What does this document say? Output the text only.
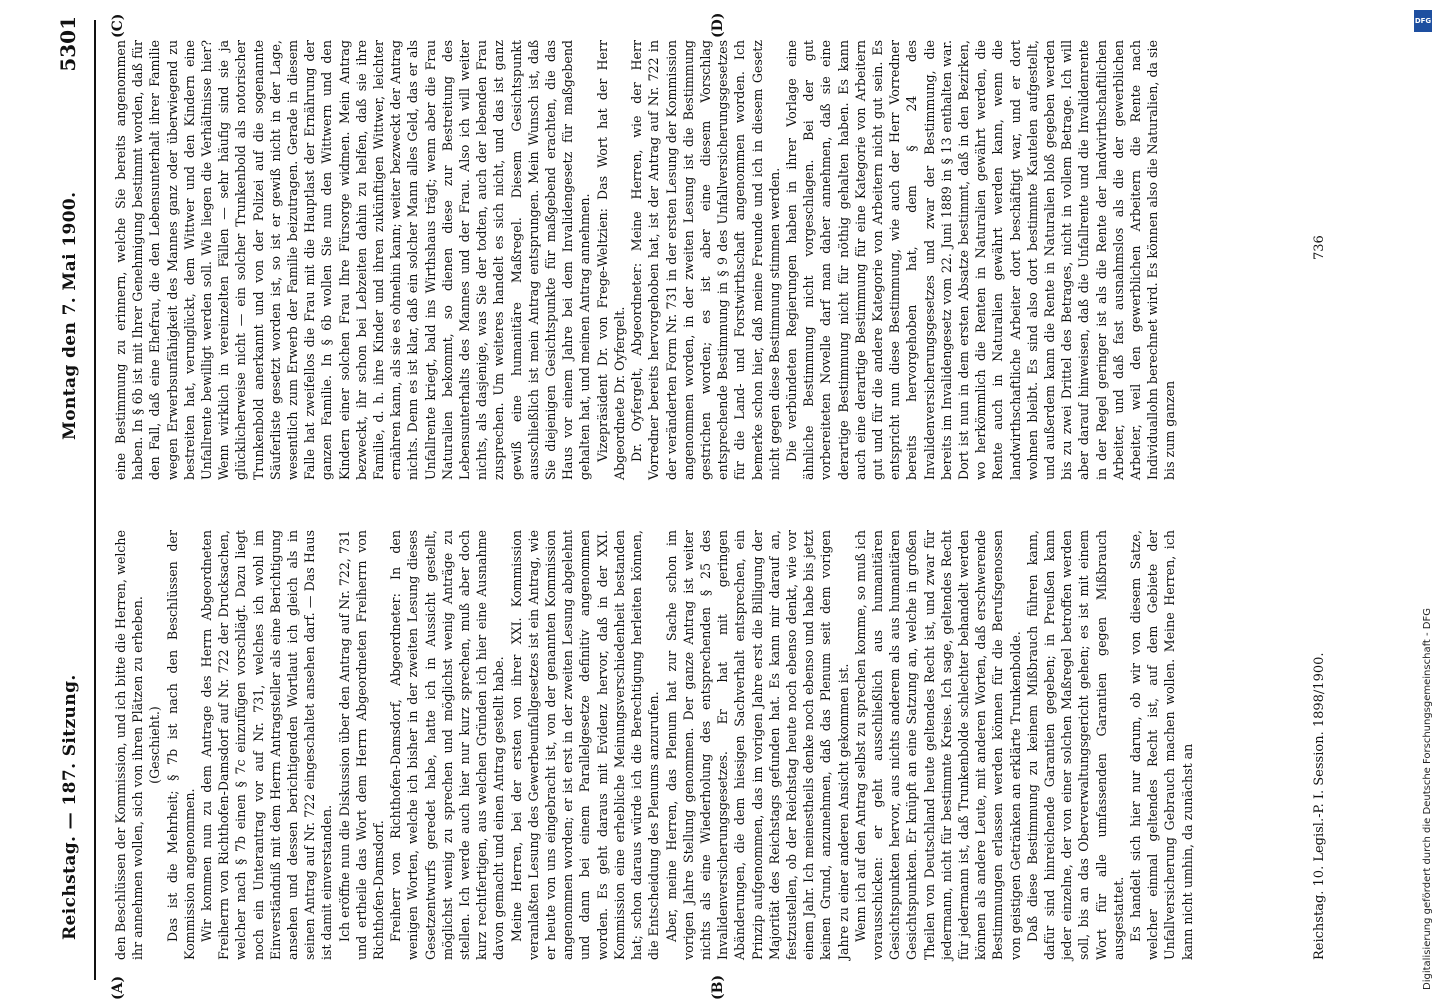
Reichstag. — 187. Sitzung.
Montag den 7. Mai 1900.
5301
(A)	(B)
(C)	(D)

den Beschlüssen der Kommission, und ich bitte die Herren, welche ihr annehmen wollen, sich von ihren Plätzen zu erheben. (Geschieht.) Das ist die Mehrheit; § 7b ist nach den Beschlüssen der Kommission angenommen. Wir kommen nun zu dem Antrage des Herrn Abgeordneten Freiherrn von Richthofen-Damsdorf auf Nr. 722 der Drucksachen, welcher nach § 7b einen § 7c einzufügen vorschlägt. Dazu liegt noch ein Unterantrag vor auf Nr. 731, welches ich wohl im Einverständniß mit dem Herrn Antragsteller als eine Berichtigung ansehen und dessen berichtigenden Wortlaut ich gleich als in seinen Antrag auf Nr. 722 eingeschaltet ansehen darf. — Das Haus ist damit einverstanden. Ich eröffne nun die Diskussion über den Antrag auf Nr. 722, 731 und ertheile das Wort dem Herrn Abgeordneten Freiherrn von Richthofen-Damsdorf. Freiherr von Richthofen-Damsdorf, Abgeordneter: In den wenigen Worten, welche ich bisher in der zweiten Lesung dieses Gesetzentwurfs geredet habe, hatte ich in Aussicht gestellt, möglichst wenig zu sprechen und möglichst wenig Anträge zu stellen. Ich werde auch hier nur kurz sprechen, muß aber doch kurz rechtfertigen, aus welchen Gründen ich hier eine Ausnahme davon gemacht und einen Antrag gestellt habe. Meine Herren, bei der ersten von ihrer XXI. Kommission veranlaßten Lesung des Gewerbeunfallgesetzes ist ein Antrag, wie er heute von uns eingebracht ist, von der genannten Kommission angenommen worden; er ist erst in der zweiten Lesung abgelehnt und dann bei einem Parallelgesetze definitiv angenommen worden. Es geht daraus mit Evidenz hervor, daß in der XXI. Kommission eine erhebliche Meinungsverschiedenheit bestanden hat; schon daraus würde ich die Berechtigung herleiten können, die Entscheidung des Plenums anzurufen. Aber, meine Herren, das Plenum hat zur Sache schon im vorigen Jahre Stellung genommen. Der ganze Antrag ist weiter nichts als eine Wiederholung des entsprechenden § 25 des Invalidenversicherungsgesetzes. Er hat mit geringen Abänderungen, die dem hiesigen Sachverhalt entsprechen, ein Prinzip aufgenommen, das im vorigen Jahre erst die Billigung der Majorität des Reichstags gefunden hat. Es kann mir darauf an, festzustellen, ob der Reichstag heute noch ebenso denkt, wie vor einem Jahr. Ich meinestheils denke noch ebenso und habe bis jetzt keinen Grund, anzunehmen, daß das Plenum seit dem vorigen Jahre zu einer anderen Ansicht gekommen ist. Wenn ich auf den Antrag selbst zu sprechen komme, so muß ich vorausschicken: er geht ausschließlich aus humanitären Gesichtspunkten hervor, aus nichts anderem als aus humanitären Gesichtspunkten. Er knüpft an eine Satzung an, welche in großen Theilen von Deutschland heute geltendes Recht ist, und zwar für jedermann, nicht für bestimmte Kreise. Ich sage, geltendes Recht für jedermann ist, daß Trunkenbolde schlechter behandelt werden können als andere Leute, mit anderen Worten, daß erschwerende Bestimmungen erlassen werden können für die Berufsgenossen von geistigen Getränken an erklärte Trunkenbolde. Daß diese Bestimmung zu keinem Mißbrauch führen kann, dafür sind hinreichende Garantien gegeben; in Preußen kann jeder einzelne, der von einer solchen Maßregel betroffen werden soll, bis an das Oberverwaltungsgericht gehen; es ist mit einem Wort für alle umfassenden Garantien gegen Mißbrauch ausgestattet. Es handelt sich hier nur darum, ob wir von diesem Satze, welcher einmal geltendes Recht ist, auf dem Gebiete der Unfallversicherung Gebrauch machen wollen. Meine Herren, ich kann nicht umhin, da zunächst an

eine Bestimmung zu erinnern, welche Sie bereits angenommen haben. In § 6b ist mit Ihrer Genehmigung bestimmt worden, daß für den Fall, daß eine Ehefrau, die den Lebensunterhalt ihrer Familie wegen Erwerbsunfähigkeit des Mannes ganz oder überwiegend zu bestreiten hat, verunglückt, dem Wittwer und den Kindern eine Unfallrente bewilligt werden soll. Wie liegen die Verhältnisse hier? Wenn wirklich in vereinzelten Fällen — sehr häufig sind sie ja glücklicherweise nicht — ein solcher Trunkenbold als notorischer Trunkenbold anerkannt und von der Polizei auf die sogenannte Säuferliste gesetzt worden ist, so ist er gewiß nicht in der Lage, wesentlich zum Erwerb der Familie beizutragen. Gerade in diesem Falle hat zweifellos die Frau mit die Hauptlast der Ernährung der ganzen Familie. In § 6b wollen Sie nun den Wittwern und den Kindern einer solchen Frau Ihre Fürsorge widmen. Mein Antrag bezweckt, ihr schon bei Lebzeiten dahin zu helfen, daß sie ihre Familie, d. h. ihre Kinder und ihren zukünftigen Wittwer, leichter ernähren kann, als sie es ohnehin kann; weiter bezweckt der Antrag nichts. Denn es ist klar, daß ein solcher Mann alles Geld, das er als Unfallrente kriegt, bald ins Wirthshaus trägt; wenn aber die Frau Naturalien bekommt, so dienen diese zur Bestreitung des Lebensunterhalts des Mannes und der Frau. Also ich will weiter nichts, als dasjenige, was Sie der todten, auch der lebenden Frau zusprechen. Um weiteres handelt es sich nicht, und das ist ganz gewiß eine humanitäre Maßregel. Diesem Gesichtspunkt ausschließlich ist mein Antrag entsprungen. Mein Wunsch ist, daß Sie diejenigen Gesichtspunkte für maßgebend erachten, die das Haus vor einem Jahre bei dem Invalidengesetz für maßgebend gehalten hat, und meinen Antrag annehmen. Vizepräsident Dr. von Frege-Weltzien: Das Wort hat der Herr Abgeordnete Dr. Oyfergelt. Dr. Oyfergelt, Abgeordneter: Meine Herren, wie der Herr Vorredner bereits hervorgehoben hat, ist der Antrag auf Nr. 722 in der veränderten Form Nr. 731 in der ersten Lesung der Kommission angenommen worden, in der zweiten Lesung ist die Bestimmung gestrichen worden; es ist aber eine diesem Vorschlag entsprechende Bestimmung in § 9 des Unfallversicherungsgesetzes für die Land- und Forstwirthschaft angenommen worden. Ich bemerke schon hier, daß meine Freunde und ich in diesem Gesetz nicht gegen diese Bestimmung stimmen werden. Die verbündeten Regierungen haben in ihrer Vorlage eine ähnliche Bestimmung nicht vorgeschlagen. Bei der gut vorbereiteten Novelle darf man daher annehmen, daß sie eine derartige Bestimmung nicht für nöthig gehalten haben. Es kann auch eine derartige Bestimmung für eine Kategorie von Arbeitern gut und für die andere Kategorie von Arbeitern nicht gut sein. Es entspricht nun diese Bestimmung, wie auch der Herr Vorredner bereits hervorgehoben hat, dem § 24 des Invalidenversicherungsgesetzes und zwar der Bestimmung, die bereits im Invalidengesetz vom 22. Juni 1889 in § 13 enthalten war. Dort ist nun in dem ersten Absatze bestimmt, daß in den Bezirken, wo herkömmlich die Renten in Naturalien gewährt werden, die Rente auch in Naturalien gewährt werden kann, wenn die landwirthschaftliche Arbeiter dort beschäftigt war, und er dort wohnen bleibt. Es sind also dort bestimmte Kautelen aufgestellt, und außerdem kann die Rente in Naturalien bloß gegeben werden bis zu zwei Drittel des Betrages, nicht in vollem Betrage. Ich will aber darauf hinweisen, daß die Unfallrente und die Invalidenrente in der Regel geringer ist als die Rente der landwirthschaftlichen Arbeiter, und daß fast ausnahmslos als die der gewerblichen Arbeiter, weil den gewerblichen Arbeitern die Rente nach Individuallohn berechnet wird. Es können also die Naturalien, da sie bis zum ganzen

Reichstag. 10. Legisl.-P. I. Session. 1898/1900.
736
DFG
Digitalisierung gefördert durch die Deutsche Forschungsgemeinschaft - DFG
